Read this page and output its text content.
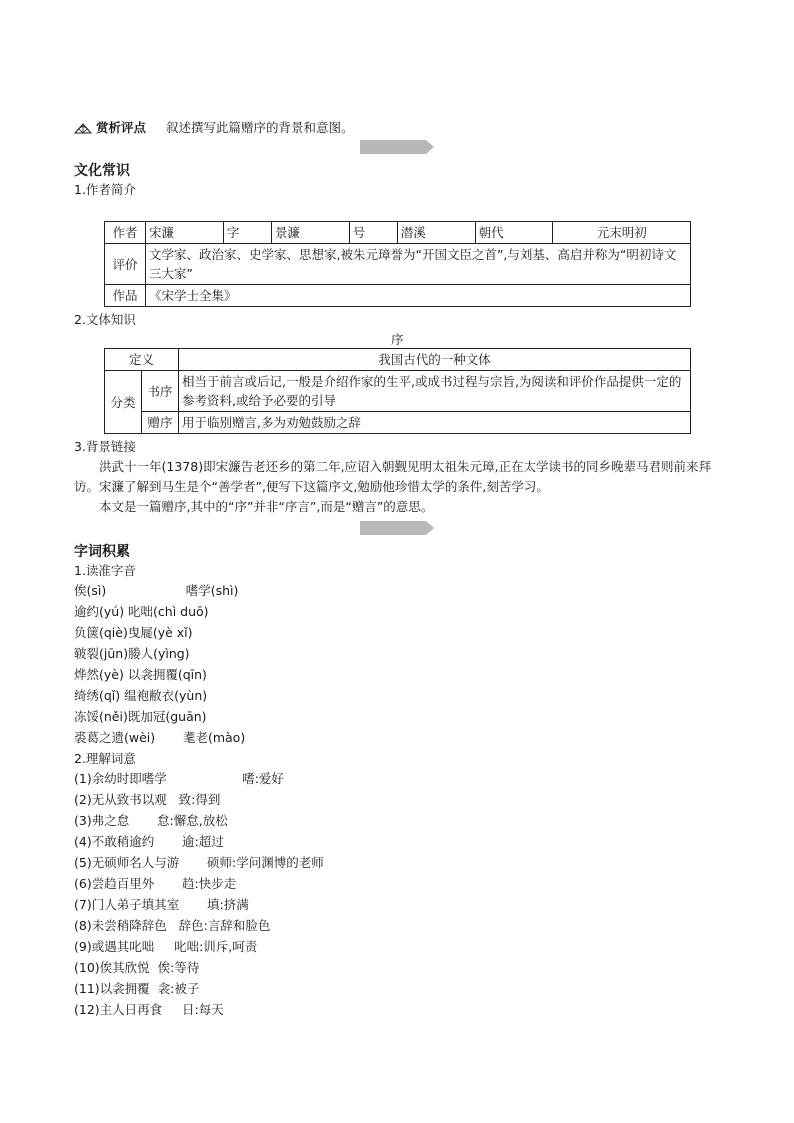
赏析评点 叙述撰写此篇赠序的背景和意图。
文化常识
1.作者简介
作者	宋濂	字	景濂	号	潜溪	朝代	元末明初
评价	文学家、政治家、史学家、思想家,被朱元璋誉为“开国文臣之首”,与刘基、高启并称为“明初诗文三大家”						
作品	《宋学士全集》						
2.文体知识
序
定义		我国古代的一种文体
分类	书序	相当于前言或后记,一般是介绍作家的生平,或成书过程与宗旨,为阅读和评价作品提供一定的参考资料,或给予必要的引导
	赠序	用于临别赠言,多为劝勉鼓励之辞
3.背景链接
洪武十一年(1378)即宋濂告老还乡的第二年,应诏入朝觐见明太祖朱元璋,正在太学读书的同乡晚辈马君则前来拜访。宋濂了解到马生是个“善学者”,便写下这篇序文,勉励他珍惜太学的条件,刻苦学习。
本文是一篇赠序,其中的“序”并非“序言”,而是“赠言”的意思。
字词积累
1.读准字音
俟(sì)                    嗜学(shì)
逾约(yú) 叱咄(chì duō)
负箧(qiè)曳屣(yè xǐ)
皲裂(jūn)媵人(yìng)
烨然(yè) 以衾拥覆(qīn)
绮绣(qǐ) 缊袍敝衣(yùn)
冻馁(něi)既加冠(guān)
裘葛之遗(wèi)       耄老(mào)
2.理解词意
(1)余幼时即嗜学                   嗜:爱好
(2)无从致书以观   致:得到
(3)弗之怠       怠:懈怠,放松
(4)不敢稍逾约       逾:超过
(5)无硕师名人与游       硕师:学问渊博的老师
(6)尝趋百里外       趋:快步走
(7)门人弟子填其室       填:挤满
(8)未尝稍降辞色   辞色:言辞和脸色
(9)或遇其叱咄     叱咄:训斥,呵责
(10)俟其欣悦  俟:等待
(11)以衾拥覆  衾:被子
(12)主人日再食     日:每天
